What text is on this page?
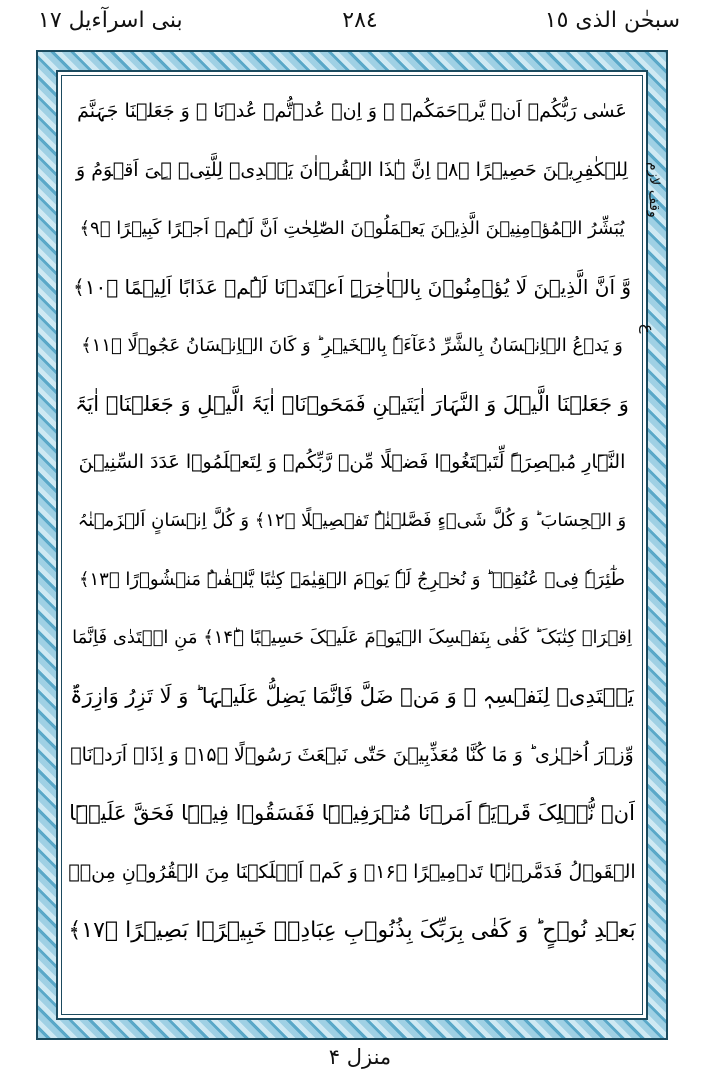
سبحٰن الذی ١٥
٢٨٤
بنی اسرآءیل ١٧
عَسٰی رَبُّکُمۡ اَنۡ یَّرۡحَمَکُمۡ ۚ وَ اِنۡ عُدۡتُّمۡ عُدۡنَا ۘ وَ جَعَلۡنَا جَہَنَّمَ
لِلۡکٰفِرِیۡنَ حَصِیۡرًا ﴿۸﴾ اِنَّ ہٰذَا الۡقُرۡاٰنَ یَہۡدِیۡ لِلَّتِیۡ ہِیَ اَقۡوَمُ وَ
یُبَشِّرُ الۡمُؤۡمِنِیۡنَ الَّذِیۡنَ یَعۡمَلُوۡنَ الصّٰلِحٰتِ اَنَّ لَہُمۡ اَجۡرًا کَبِیۡرًا ﴿۹﴾
وَّ اَنَّ الَّذِیۡنَ لَا یُؤۡمِنُوۡنَ بِالۡاٰخِرَۃِ اَعۡتَدۡنَا لَہُمۡ عَذَابًا اَلِیۡمًا ﴿۱۰﴾
وَ یَدۡعُ الۡاِنۡسَانُ بِالشَّرِّ دُعَآءَہٗ بِالۡخَیۡرِ ؕ وَ کَانَ الۡاِنۡسَانُ عَجُوۡلًا ﴿۱۱﴾
وَ جَعَلۡنَا الَّیۡلَ وَ النَّہَارَ اٰیَتَیۡنِ فَمَحَوۡنَاۤ اٰیَۃَ الَّیۡلِ وَ جَعَلۡنَاۤ اٰیَۃَ
النَّہَارِ مُبۡصِرَۃً لِّتَبۡتَغُوۡا فَضۡلًا مِّنۡ رَّبِّکُمۡ وَ لِتَعۡلَمُوۡا عَدَدَ السِّنِیۡنَ
وَ الۡحِسَابَ ؕ وَ کُلَّ شَیۡءٍ فَصَّلۡنٰہُ تَفۡصِیۡلًا ﴿۱۲﴾ وَ کُلَّ اِنۡسَانٍ اَلۡزَمۡنٰہُ
طٰٓئِرَہٗ فِیۡ عُنُقِہٖ ؕ وَ نُخۡرِجُ لَہٗ یَوۡمَ الۡقِیٰمَۃِ کِتٰبًا یَّلۡقٰىہُ مَنۡشُوۡرًا ﴿۱۳﴾
اِقۡرَاۡ کِتٰبَکَ ؕ کَفٰی بِنَفۡسِکَ الۡیَوۡمَ عَلَیۡکَ حَسِیۡبًا ﴿ؕ۱۴﴾ مَنِ اہۡتَدٰی فَاِنَّمَا
یَہۡتَدِیۡ لِنَفۡسِہٖ ۚ وَ مَنۡ ضَلَّ فَاِنَّمَا یَضِلُّ عَلَیۡہَا ؕ وَ لَا تَزِرُ وَازِرَۃٌ
وِّزۡرَ اُخۡرٰی ؕ وَ مَا کُنَّا مُعَذِّبِیۡنَ حَتّٰی نَبۡعَثَ رَسُوۡلًا ﴿۱۵﴾ وَ اِذَاۤ اَرَدۡنَاۤ
اَنۡ نُّہۡلِکَ قَرۡیَۃً اَمَرۡنَا مُتۡرَفِیۡہَا فَفَسَقُوۡا فِیۡہَا فَحَقَّ عَلَیۡہَا
الۡقَوۡلُ فَدَمَّرۡنٰہَا تَدۡمِیۡرًا ﴿۱۶﴾ وَ کَمۡ اَہۡلَکۡنَا مِنَ الۡقُرُوۡنِ مِنۡۢ
بَعۡدِ نُوۡحٍ ؕ وَ کَفٰی بِرَبِّکَ بِذُنُوۡبِ عِبَادِہٖ خَبِیۡرًۢا بَصِیۡرًا ﴿۱۷﴾
وقف لازم
ع
منزل ۴
